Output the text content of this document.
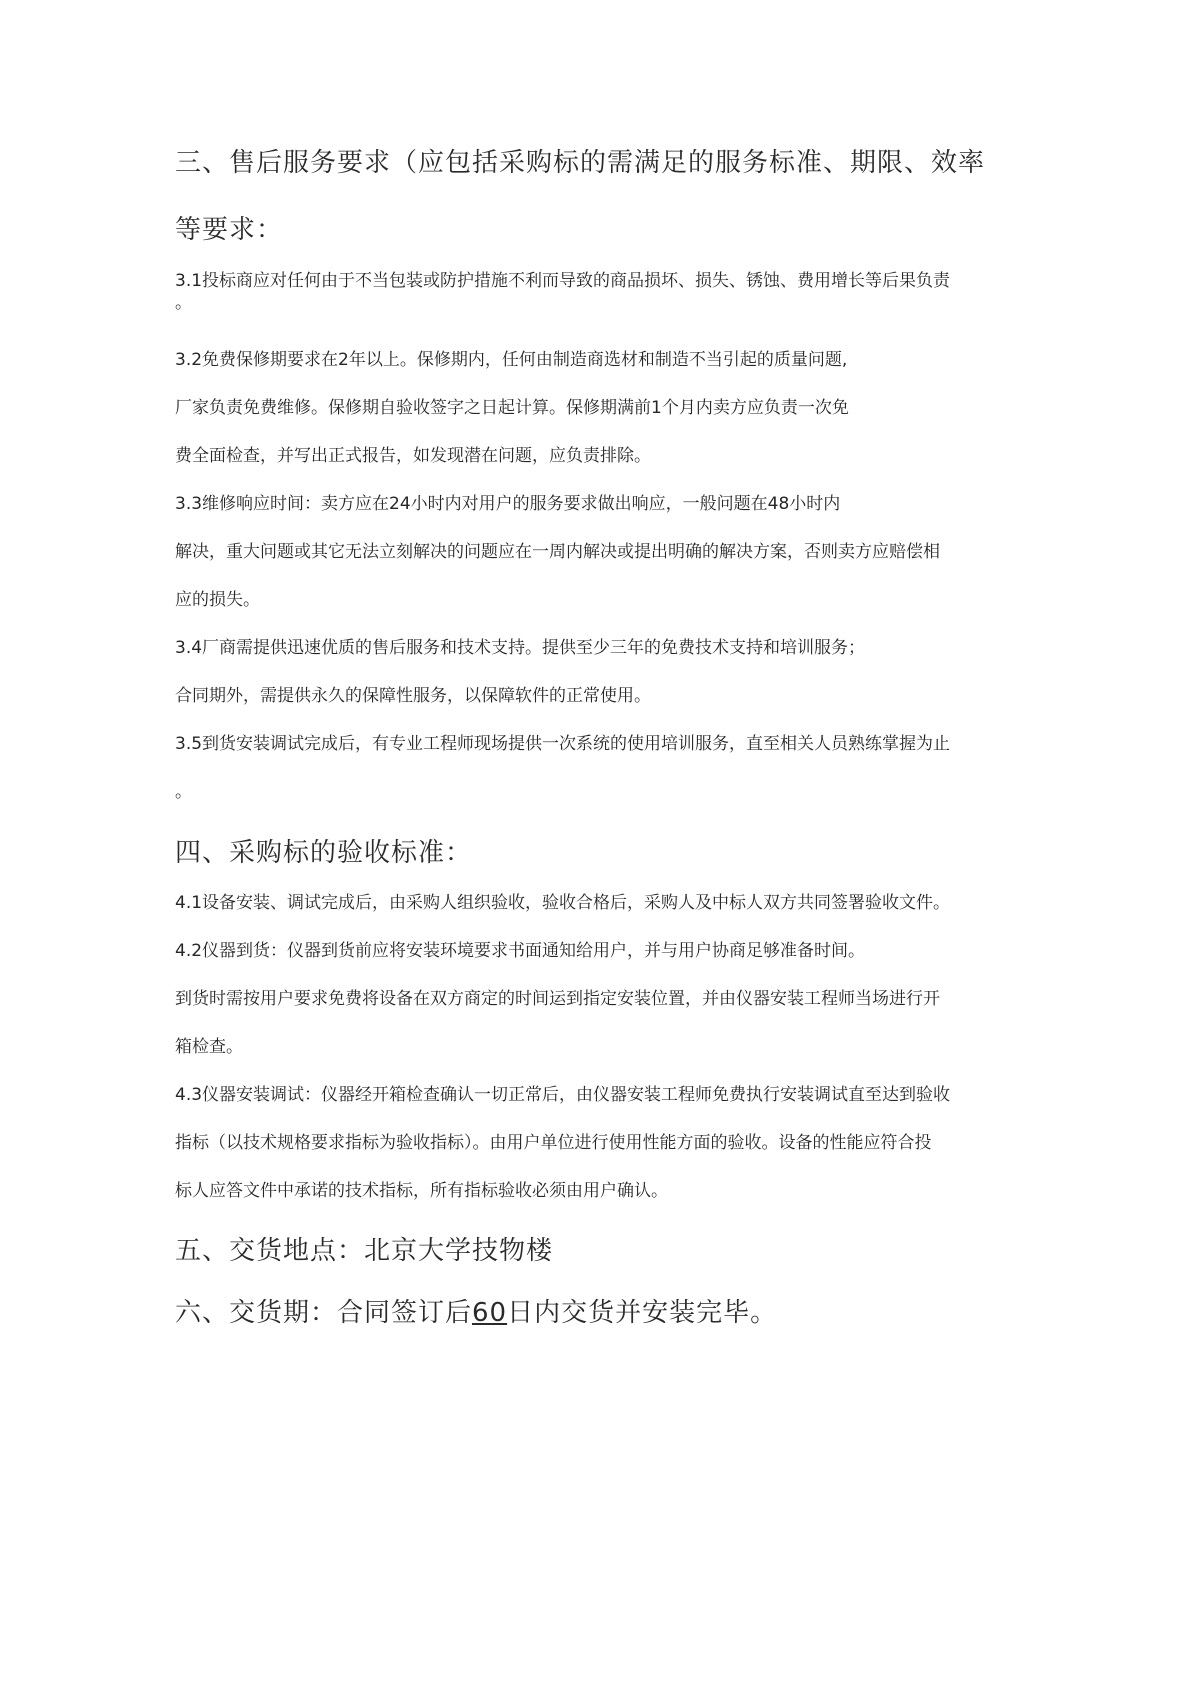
三、售后服务要求（应包括采购标的需满足的服务标准、期限、效率

等要求：

3.1投标商应对任何由于不当包装或防护措施不利而导致的商品损坏、损失、锈蚀、费用增长等后果负责

。

3.2免费保修期要求在2年以上。保修期内，任何由制造商选材和制造不当引起的质量问题,

厂家负责免费维修。保修期自验收签字之日起计算。保修期满前1个月内卖方应负责一次免

费全面检查，并写出正式报告，如发现潜在问题，应负责排除。

3.3维修响应时间：卖方应在24小时内对用户的服务要求做出响应，一般问题在48小时内

解决，重大问题或其它无法立刻解决的问题应在一周内解决或提出明确的解决方案，否则卖方应赔偿相

应的损失。

3.4厂商需提供迅速优质的售后服务和技术支持。提供至少三年的免费技术支持和培训服务；

合同期外，需提供永久的保障性服务，以保障软件的正常使用。

3.5到货安装调试完成后，有专业工程师现场提供一次系统的使用培训服务，直至相关人员熟练掌握为止

。

四、采购标的验收标准：

4.1设备安装、调试完成后，由采购人组织验收，验收合格后，采购人及中标人双方共同签署验收文件。

4.2仪器到货：仪器到货前应将安装环境要求书面通知给用户，并与用户协商足够准备时间。

到货时需按用户要求免费将设备在双方商定的时间运到指定安装位置，并由仪器安装工程师当场进行开

箱检查。

4.3仪器安装调试：仪器经开箱检查确认一切正常后，由仪器安装工程师免费执行安装调试直至达到验收

指标（以技术规格要求指标为验收指标）。由用户单位进行使用性能方面的验收。设备的性能应符合投

标人应答文件中承诺的技术指标，所有指标验收必须由用户确认。

五、交货地点：北京大学技物楼

六、交货期：合同签订后60日内交货并安装完毕。
